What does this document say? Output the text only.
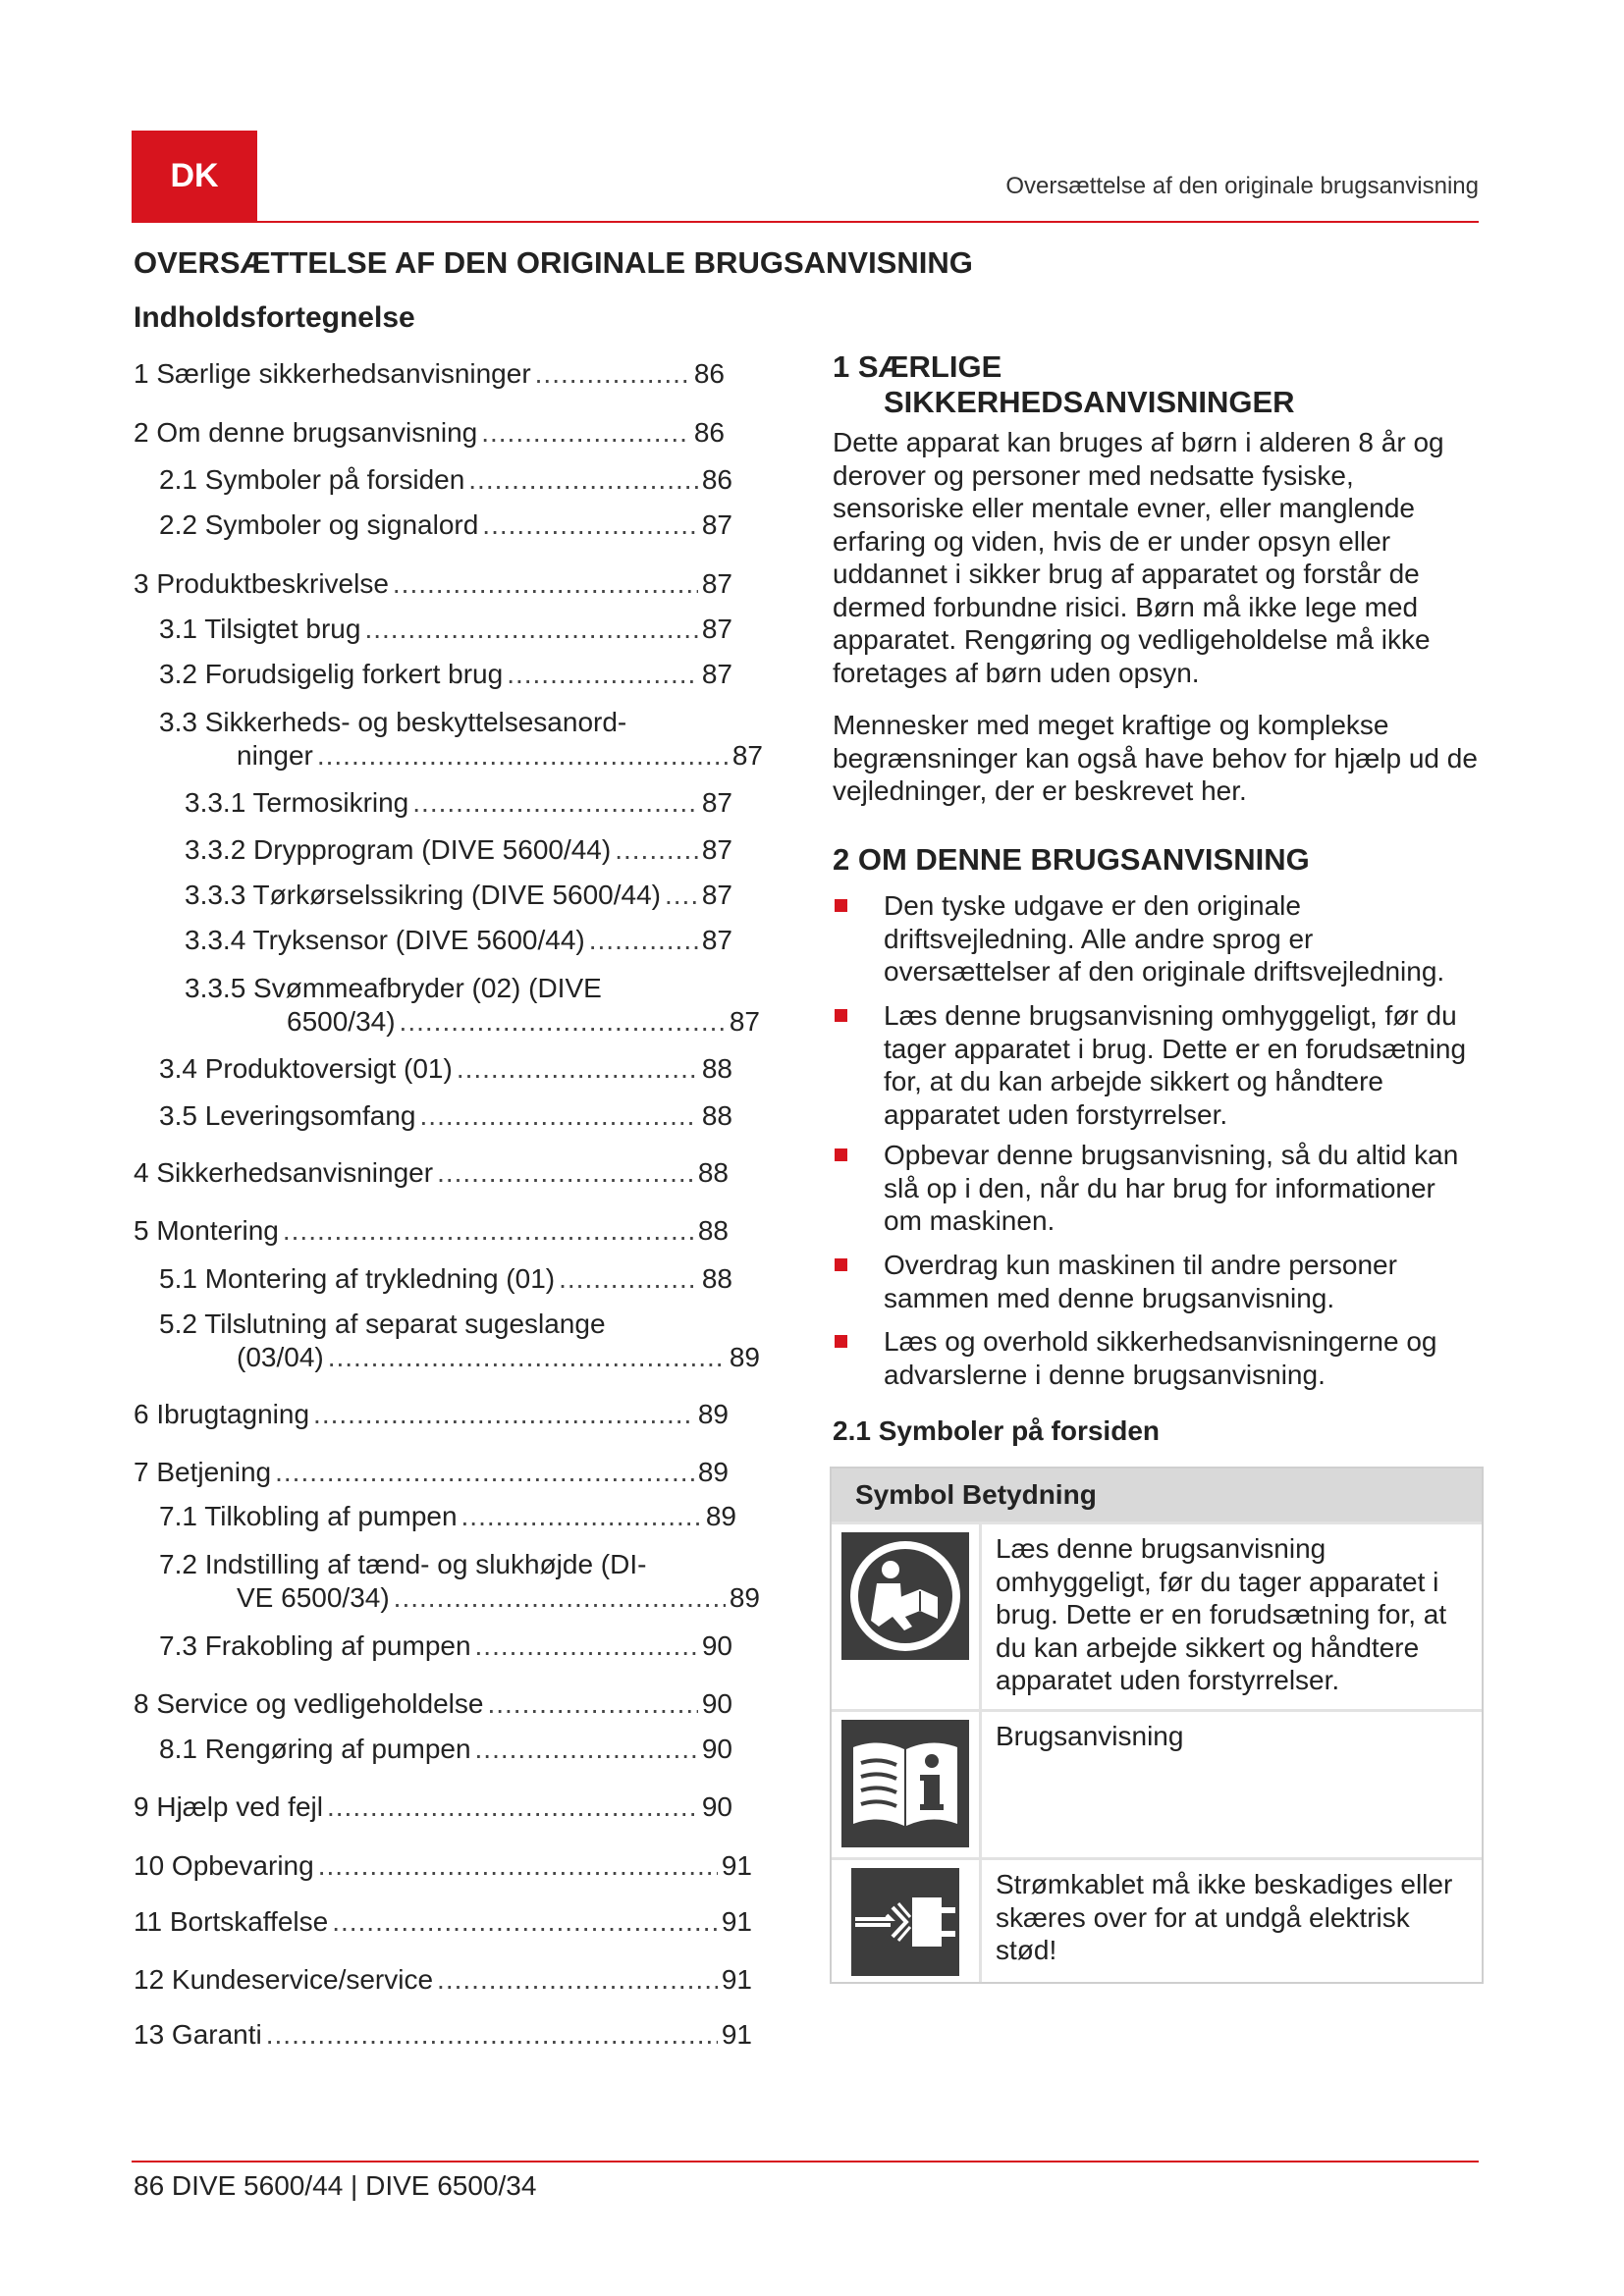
DK	Oversættelse af den originale brugsanvisning
OVERSÆTTELSE AF DEN ORIGINALE BRUGSANVISNING
Indholdsfortegnelse
1 Særlige sikkerhedsanvisninger .....	86
2 Om denne brugsanvisning .....	86
2.1 Symboler på forsiden .....	86
2.2 Symboler og signalord .....	87
3 Produktbeskrivelse .....	87
3.1 Tilsigtet brug .....	87
3.2 Forudsigelig forkert brug .....	87
3.3 Sikkerheds- og beskyttelsesanord-
ninger .....	87
3.3.1 Termosikring .....	87
3.3.2 Drypprogram (DIVE 5600/44) .....	87
3.3.3 Tørkørselssikring (DIVE 5600/44) ..... 87
3.3.4 Tryksensor (DIVE 5600/44) .....	87
3.3.5 Svømmeafbryder (02) (DIVE
6500/34) .....	87
3.4 Produktoversigt (01) .....	88
3.5 Leveringsomfang .....	88
4 Sikkerhedsanvisninger .....	88
5 Montering .....	88
5.1 Montering af trykledning (01) .....	88
5.2 Tilslutning af separat sugeslange
(03/04) .....	89
6 Ibrugtagning .....	89
7 Betjening .....	89
7.1 Tilkobling af pumpen .....	89
7.2 Indstilling af tænd- og slukhøjde (DI-
VE 6500/34) .....	89
7.3 Frakobling af pumpen .....	90
8 Service og vedligeholdelse .....	90
8.1 Rengøring af pumpen .....	90
9 Hjælp ved fejl .....	90
10 Opbevaring .....	91
11 Bortskaffelse .....	91
12 Kundeservice/service .....	91
13 Garanti .....	91
1 SÆRLIGE
SIKKERHEDSANVISNINGER
Dette apparat kan bruges af børn i alderen 8 år og derover og personer med nedsatte fysiske, sensoriske eller mentale evner, eller manglende erfaring og viden, hvis de er under opsyn eller uddannet i sikker brug af apparatet og forstår de dermed forbundne risici. Børn må ikke lege med apparatet. Rengøring og vedligeholdelse må ikke foretages af børn uden opsyn.
Mennesker med meget kraftige og komplekse begrænsninger kan også have behov for hjælp ud de vejledninger, der er beskrevet her.
2 OM DENNE BRUGSANVISNING
Den tyske udgave er den originale driftsvejledning. Alle andre sprog er oversættelser af den originale driftsvejledning.
Læs denne brugsanvisning omhyggeligt, før du tager apparatet i brug. Dette er en forudsætning for, at du kan arbejde sikkert og håndtere apparatet uden forstyrrelser.
Opbevar denne brugsanvisning, så du altid kan slå op i den, når du har brug for informationer om maskinen.
Overdrag kun maskinen til andre personer sammen med denne brugsanvisning.
Læs og overhold sikkerhedsanvisningerne og advarslerne i denne brugsanvisning.
2.1 Symboler på forsiden
Symbol Betydning
Læs denne brugsanvisning omhyggeligt, før du tager apparatet i brug. Dette er en forudsætning for, at du kan arbejde sikkert og håndtere apparatet uden forstyrrelser.
Brugsanvisning
Strømkablet må ikke beskadiges eller skæres over for at undgå elektrisk stød!
86 DIVE 5600/44 | DIVE 6500/34
